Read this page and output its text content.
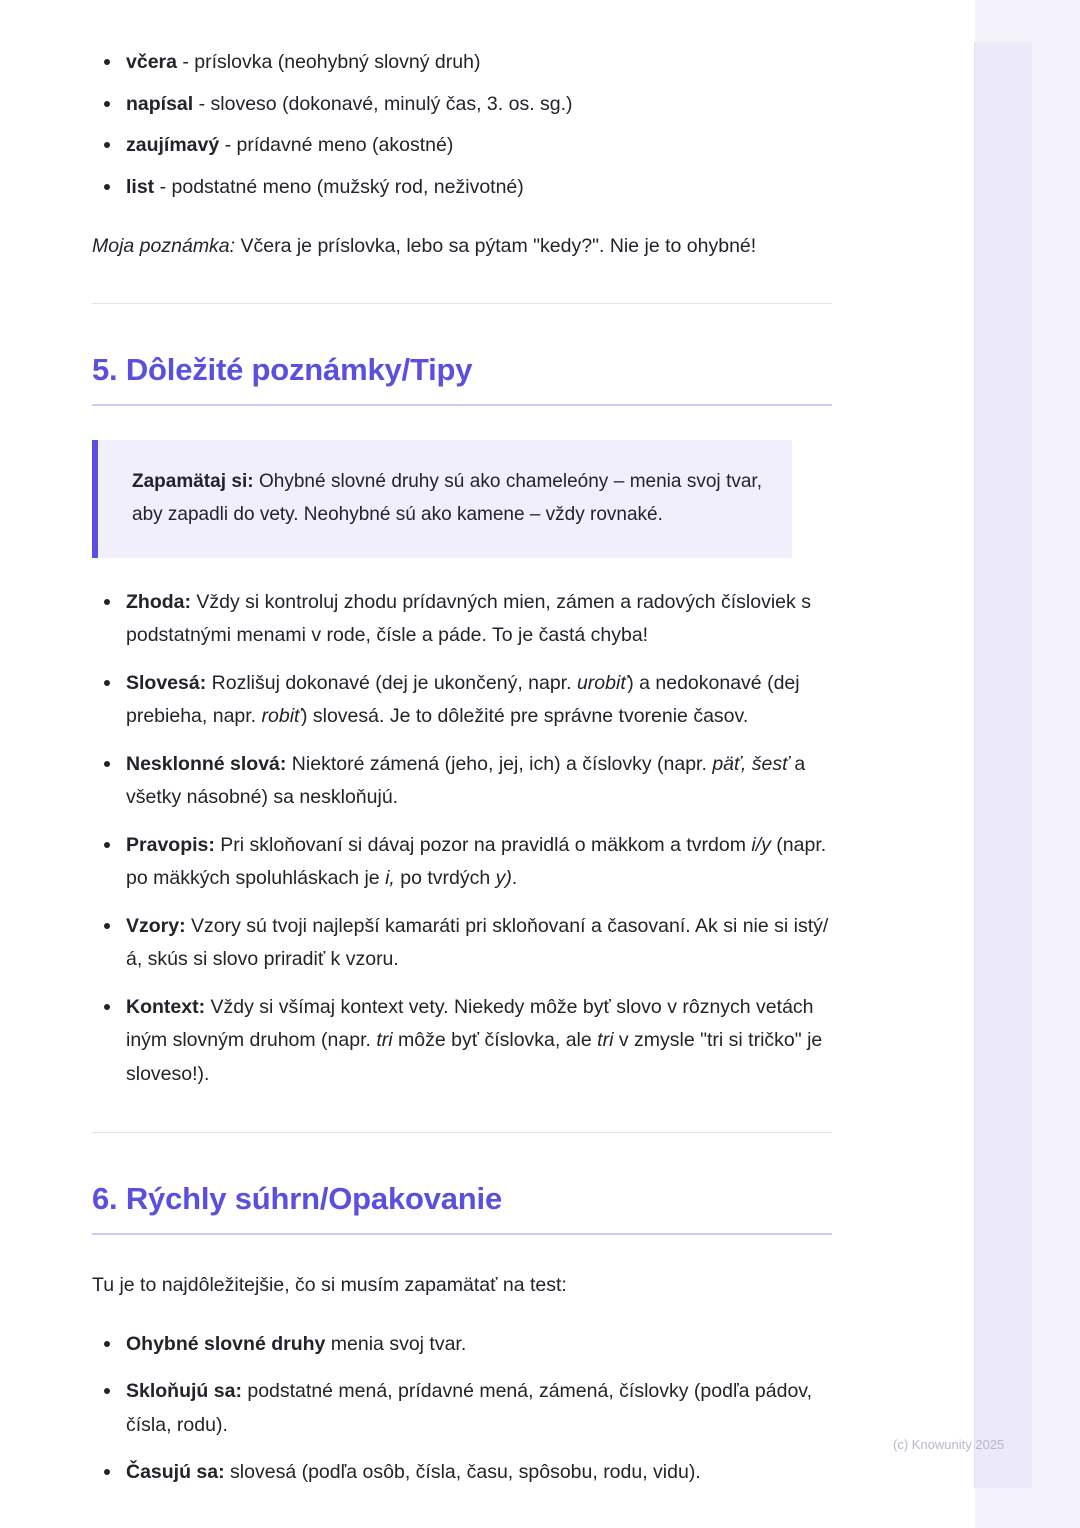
včera - príslovka (neohybný slovný druh)
napísal - sloveso (dokonavé, minulý čas, 3. os. sg.)
zaujímavý - prídavné meno (akostné)
list - podstatné meno (mužský rod, neživotné)

Moja poznámka: Včera je príslovka, lebo sa pýtam "kedy?". Nie je to ohybné!

5. Dôležité poznámky/Tipy

Zapamätaj si: Ohybné slovné druhy sú ako chameleóny – menia svoj tvar, aby zapadli do vety. Neohybné sú ako kamene – vždy rovnaké.

Zhoda: Vždy si kontroluj zhodu prídavných mien, zámen a radových čísloviek s podstatnými menami v rode, čísle a páde. To je častá chyba!
Slovesá: Rozlišuj dokonavé (dej je ukončený, napr. urobiť) a nedokonavé (dej prebieha, napr. robiť) slovesá. Je to dôležité pre správne tvorenie časov.
Nesklonné slová: Niektoré zámená (jeho, jej, ich) a číslovky (napr. päť, šesť a všetky násobné) sa neskloňujú.
Pravopis: Pri skloňovaní si dávaj pozor na pravidlá o mäkkom a tvrdom i/y (napr. po mäkkých spoluhláskach je i, po tvrdých y).
Vzory: Vzory sú tvoji najlepší kamaráti pri skloňovaní a časovaní. Ak si nie si istý/á, skús si slovo priradiť k vzoru.
Kontext: Vždy si všímaj kontext vety. Niekedy môže byť slovo v rôznych vetách iným slovným druhom (napr. tri môže byť číslovka, ale tri v zmysle "tri si tričko" je sloveso!).
6. Rýchly súhrn/Opakovanie

Tu je to najdôležitejšie, čo si musím zapamätať na test:

Ohybné slovné druhy menia svoj tvar.
Skloňujú sa: podstatné mená, prídavné mená, zámená, číslovky (podľa pádov, čísla, rodu).
Časujú sa: slovesá (podľa osôb, čísla, času, spôsobu, rodu, vidu).
(c) Knowunity 2025
